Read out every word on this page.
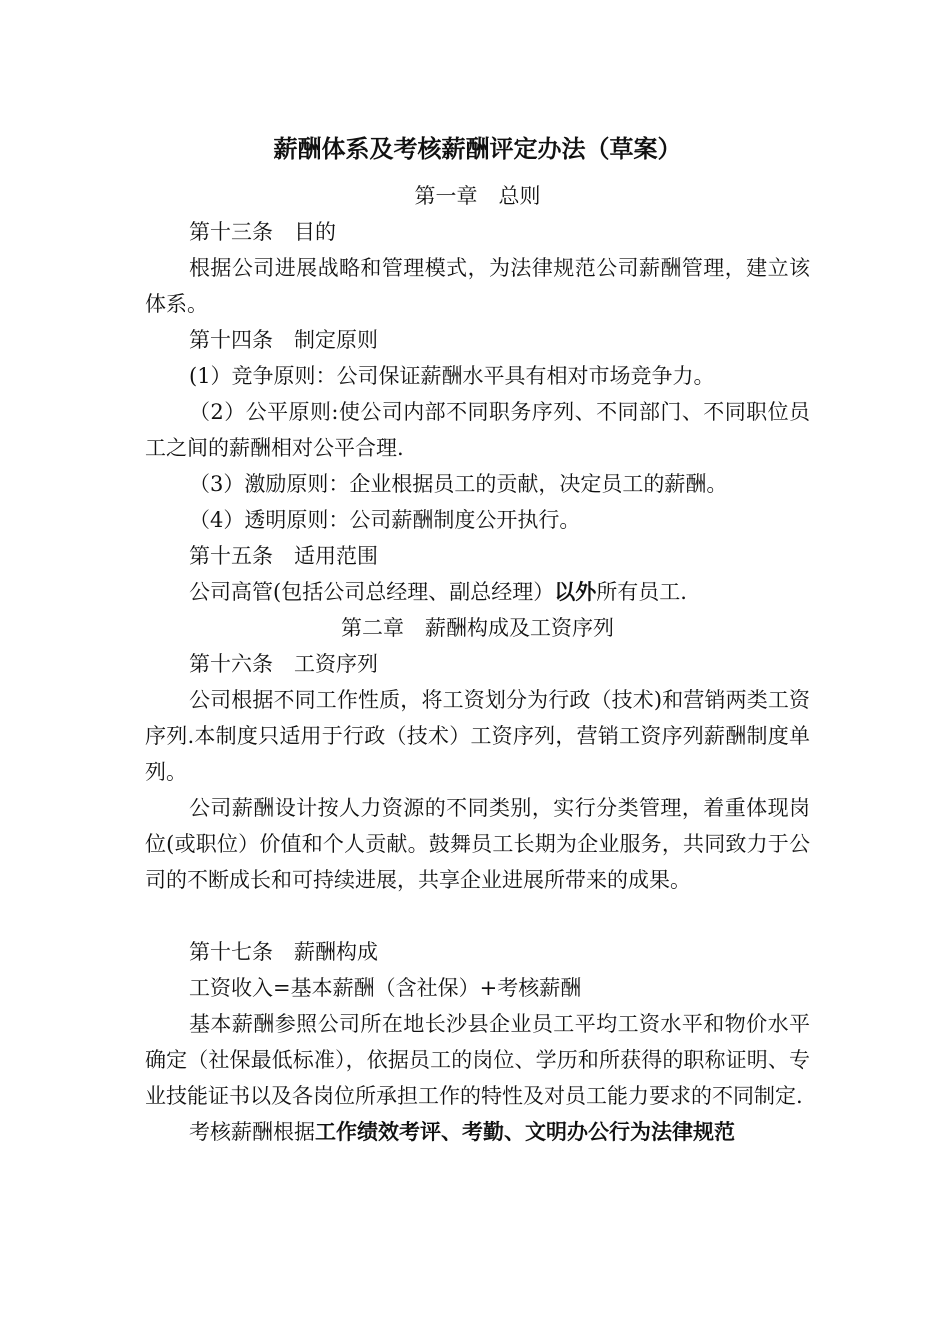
薪酬体系及考核薪酬评定办法（草案）

第一章　总则

第十三条　目的

根据公司进展战略和管理模式，为法律规范公司薪酬管理，建立该体系。

第十四条　制定原则

(1）竞争原则：公司保证薪酬水平具有相对市场竞争力。

（2）公平原则:使公司内部不同职务序列、不同部门、不同职位员工之间的薪酬相对公平合理.

（3）激励原则：企业根据员工的贡献，决定员工的薪酬。

（4）透明原则：公司薪酬制度公开执行。

第十五条　适用范围

公司高管(包括公司总经理、副总经理）以外所有员工.

第二章　薪酬构成及工资序列

第十六条　工资序列

公司根据不同工作性质，将工资划分为行政（技术)和营销两类工资序列.本制度只适用于行政（技术）工资序列，营销工资序列薪酬制度单列。

公司薪酬设计按人力资源的不同类别，实行分类管理，着重体现岗位(或职位）价值和个人贡献。鼓舞员工长期为企业服务，共同致力于公司的不断成长和可持续进展，共享企业进展所带来的成果。

第十七条　薪酬构成

工资收入=基本薪酬（含社保）+考核薪酬

基本薪酬参照公司所在地长沙县企业员工平均工资水平和物价水平确定（社保最低标准），依据员工的岗位、学历和所获得的职称证明、专业技能证书以及各岗位所承担工作的特性及对员工能力要求的不同制定.

考核薪酬根据工作绩效考评、考勤、文明办公行为法律规范
